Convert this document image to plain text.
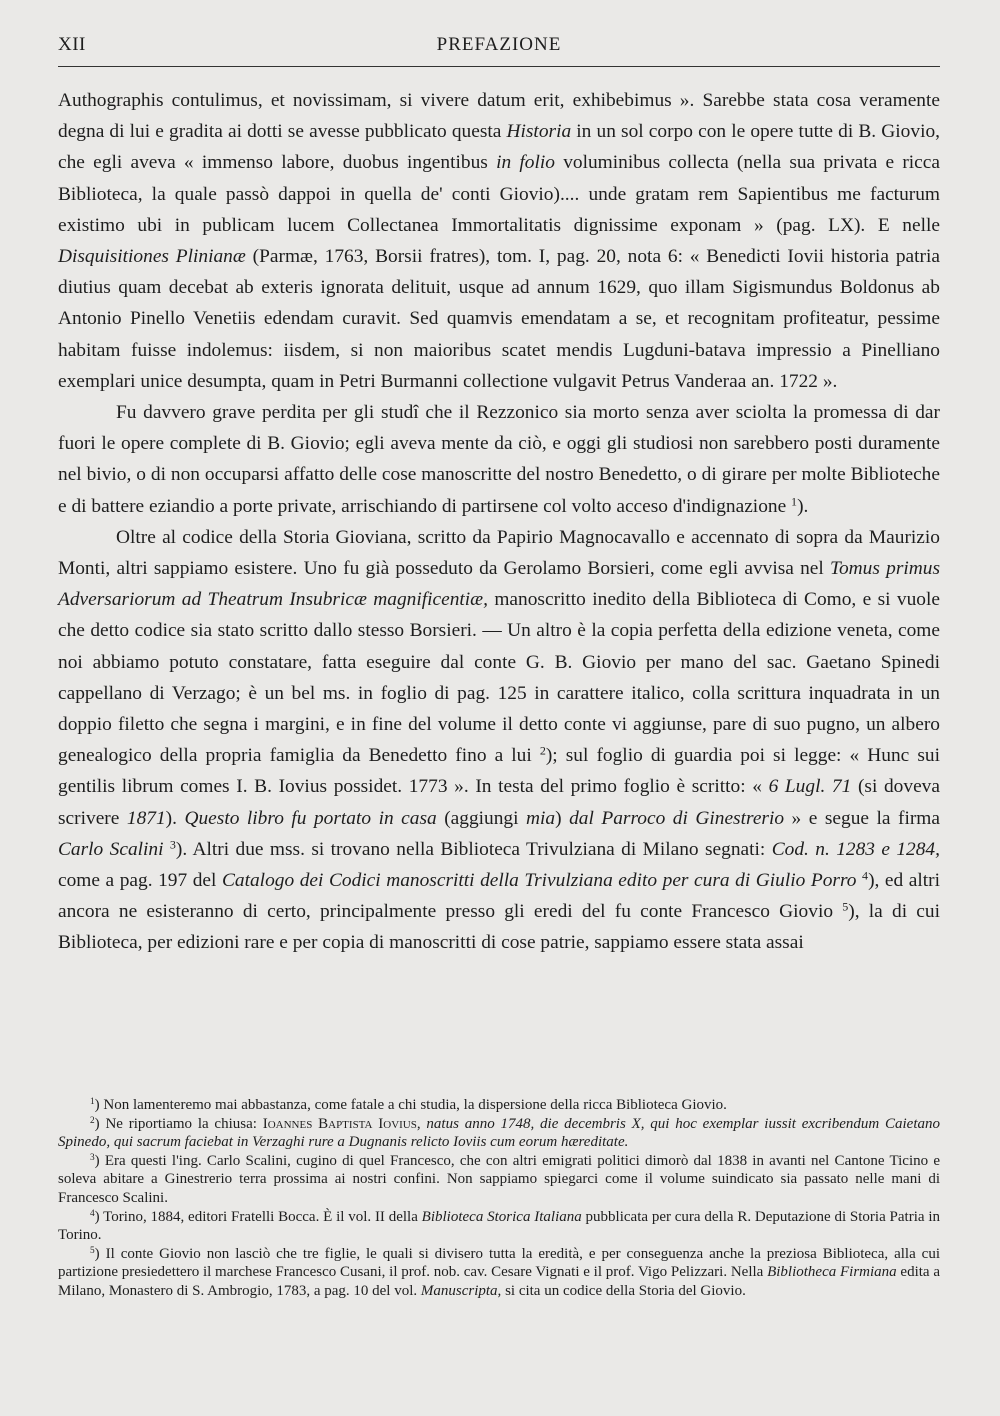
XII	PREFAZIONE

Authographis contulimus, et novissimam, si vivere datum erit, exhibebimus ». Sarebbe stata cosa veramente degna di lui e gradita ai dotti se avesse pubblicato questa Historia in un sol corpo con le opere tutte di B. Giovio, che egli aveva « immenso labore, duobus ingentibus in folio voluminibus collecta (nella sua privata e ricca Biblioteca, la quale passò dappoi in quella de' conti Giovio).... unde gratam rem Sapientibus me facturum existimo ubi in publicam lucem Collectanea Immortalitatis dignissime exponam » (pag. LX). E nelle Disquisitiones Plinianæ (Parmæ, 1763, Borsii fratres), tom. I, pag. 20, nota 6: « Benedicti Iovii historia patria diutius quam decebat ab exteris ignorata delituit, usque ad annum 1629, quo illam Sigismundus Boldonus ab Antonio Pinello Venetiis edendam curavit. Sed quamvis emendatam a se, et recognitam profiteatur, pessime habitam fuisse indolemus: iisdem, si non maioribus scatet mendis Lugduni-batava impressio a Pinelliano exemplari unice desumpta, quam in Petri Burmanni collectione vulgavit Petrus Vanderaa an. 1722 ».

Fu davvero grave perdita per gli studî che il Rezzonico sia morto senza aver sciolta la promessa di dar fuori le opere complete di B. Giovio; egli aveva mente da ciò, e oggi gli studiosi non sarebbero posti duramente nel bivio, o di non occuparsi affatto delle cose manoscritte del nostro Benedetto, o di girare per molte Biblioteche e di battere eziandio a porte private, arrischiando di partirsene col volto acceso d'indignazione $^1$).

Oltre al codice della Storia Gioviana, scritto da Papirio Magnocavallo e accennato di sopra da Maurizio Monti, altri sappiamo esistere. Uno fu già posseduto da Gerolamo Borsieri, come egli avvisa nel Tomus primus Adversariorum ad Theatrum Insubricæ magnificentiæ, manoscritto inedito della Biblioteca di Como, e si vuole che detto codice sia stato scritto dallo stesso Borsieri. — Un altro è la copia perfetta della edizione veneta, come noi abbiamo potuto constatare, fatta eseguire dal conte G. B. Giovio per mano del sac. Gaetano Spinedi cappellano di Verzago; è un bel ms. in foglio di pag. 125 in carattere italico, colla scrittura inquadrata in un doppio filetto che segna i margini, e in fine del volume il detto conte vi aggiunse, pare di suo pugno, un albero genealogico della propria famiglia da Benedetto fino a lui $^2$); sul foglio di guardia poi si legge: « Hunc sui gentilis librum comes I. B. Iovius possidet. 1773 ». In testa del primo foglio è scritto: « 6 Lugl. 71 (si doveva scrivere 1871). Questo libro fu portato in casa (aggiungi mia) dal Parroco di Ginestrerio » e segue la firma Carlo Scalini $^3$). Altri due mss. si trovano nella Biblioteca Trivulziana di Milano segnati: Cod. n. 1283 e 1284, come a pag. 197 del Catalogo dei Codici manoscritti della Trivulziana edito per cura di Giulio Porro $^4$), ed altri ancora ne esisteranno di certo, principalmente presso gli eredi del fu conte Francesco Giovio $^5$), la di cui Biblioteca, per edizioni rare e per copia di manoscritti di cose patrie, sappiamo essere stata assai

$^1$) Non lamenteremo mai abbastanza, come fatale a chi studia, la dispersione della ricca Biblioteca Giovio.

$^2$) Ne riportiamo la chiusa: Ioannes Baptista Iovius, natus anno 1748, die decembris X, qui hoc exemplar iussit excribendum Caietano Spinedo, qui sacrum faciebat in Verzaghi rure a Dugnanis relicto Ioviis cum eorum hæreditate.

$^3$) Era questi l'ing. Carlo Scalini, cugino di quel Francesco, che con altri emigrati politici dimorò dal 1838 in avanti nel Cantone Ticino e soleva abitare a Ginestrerio terra prossima ai nostri confini. Non sappiamo spiegarci come il volume suindicato sia passato nelle mani di Francesco Scalini.

$^4$) Torino, 1884, editori Fratelli Bocca. È il vol. II della Biblioteca Storica Italiana pubblicata per cura della R. Deputazione di Storia Patria in Torino.

$^5$) Il conte Giovio non lasciò che tre figlie, le quali si divisero tutta la eredità, e per conseguenza anche la preziosa Biblioteca, alla cui partizione presiedettero il marchese Francesco Cusani, il prof. nob. cav. Cesare Vignati e il prof. Vigo Pelizzari. Nella Bibliotheca Firmiana edita a Milano, Monastero di S. Ambrogio, 1783, a pag. 10 del vol. Manuscripta, si cita un codice della Storia del Giovio.
